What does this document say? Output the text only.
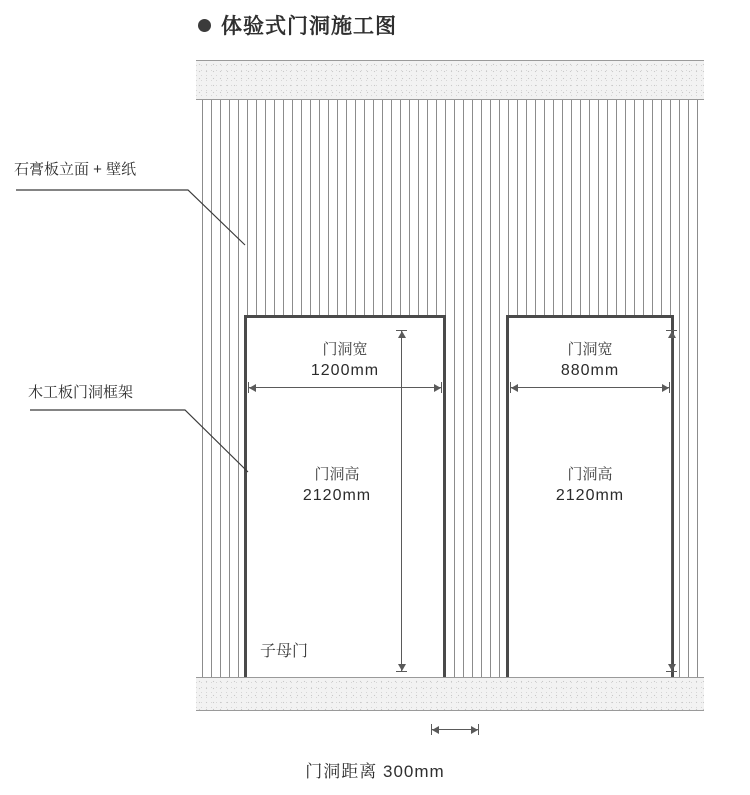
体验式门洞施工图
门洞宽
1200mm
门洞高
2120mm
子母门
门洞宽
880mm
门洞高
2120mm
石膏板立面 + 壁纸
木工板门洞框架
门洞距离 300mm
